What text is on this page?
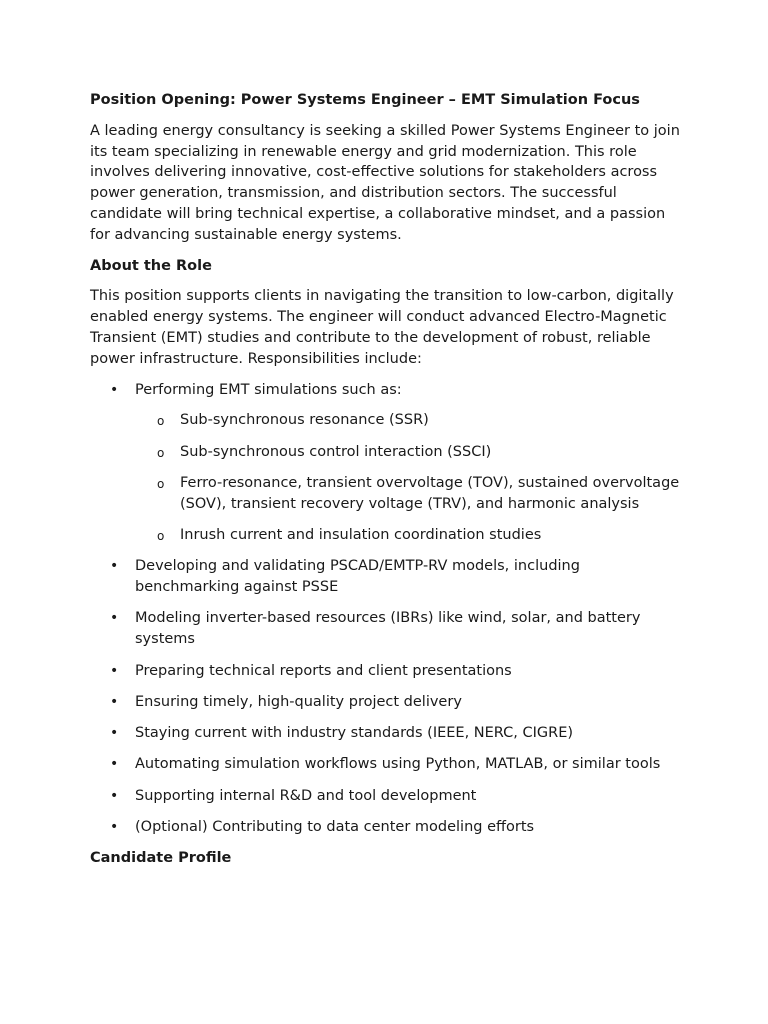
Position Opening: Power Systems Engineer – EMT Simulation Focus

A leading energy consultancy is seeking a skilled Power Systems Engineer to join its team specializing in renewable energy and grid modernization. This role involves delivering innovative, cost-effective solutions for stakeholders across power generation, transmission, and distribution sectors. The successful candidate will bring technical expertise, a collaborative mindset, and a passion for advancing sustainable energy systems.

About the Role

This position supports clients in navigating the transition to low-carbon, digitally enabled energy systems. The engineer will conduct advanced Electro-Magnetic Transient (EMT) studies and contribute to the development of robust, reliable power infrastructure. Responsibilities include:

• Performing EMT simulations such as:
o Sub-synchronous resonance (SSR)
o Sub-synchronous control interaction (SSCI)
o Ferro-resonance, transient overvoltage (TOV), sustained overvoltage (SOV), transient recovery voltage (TRV), and harmonic analysis
o Inrush current and insulation coordination studies
• Developing and validating PSCAD/EMTP-RV models, including benchmarking against PSSE
• Modeling inverter-based resources (IBRs) like wind, solar, and battery systems
• Preparing technical reports and client presentations
• Ensuring timely, high-quality project delivery
• Staying current with industry standards (IEEE, NERC, CIGRE)
• Automating simulation workflows using Python, MATLAB, or similar tools
• Supporting internal R&D and tool development
• (Optional) Contributing to data center modeling efforts
Candidate Profile
